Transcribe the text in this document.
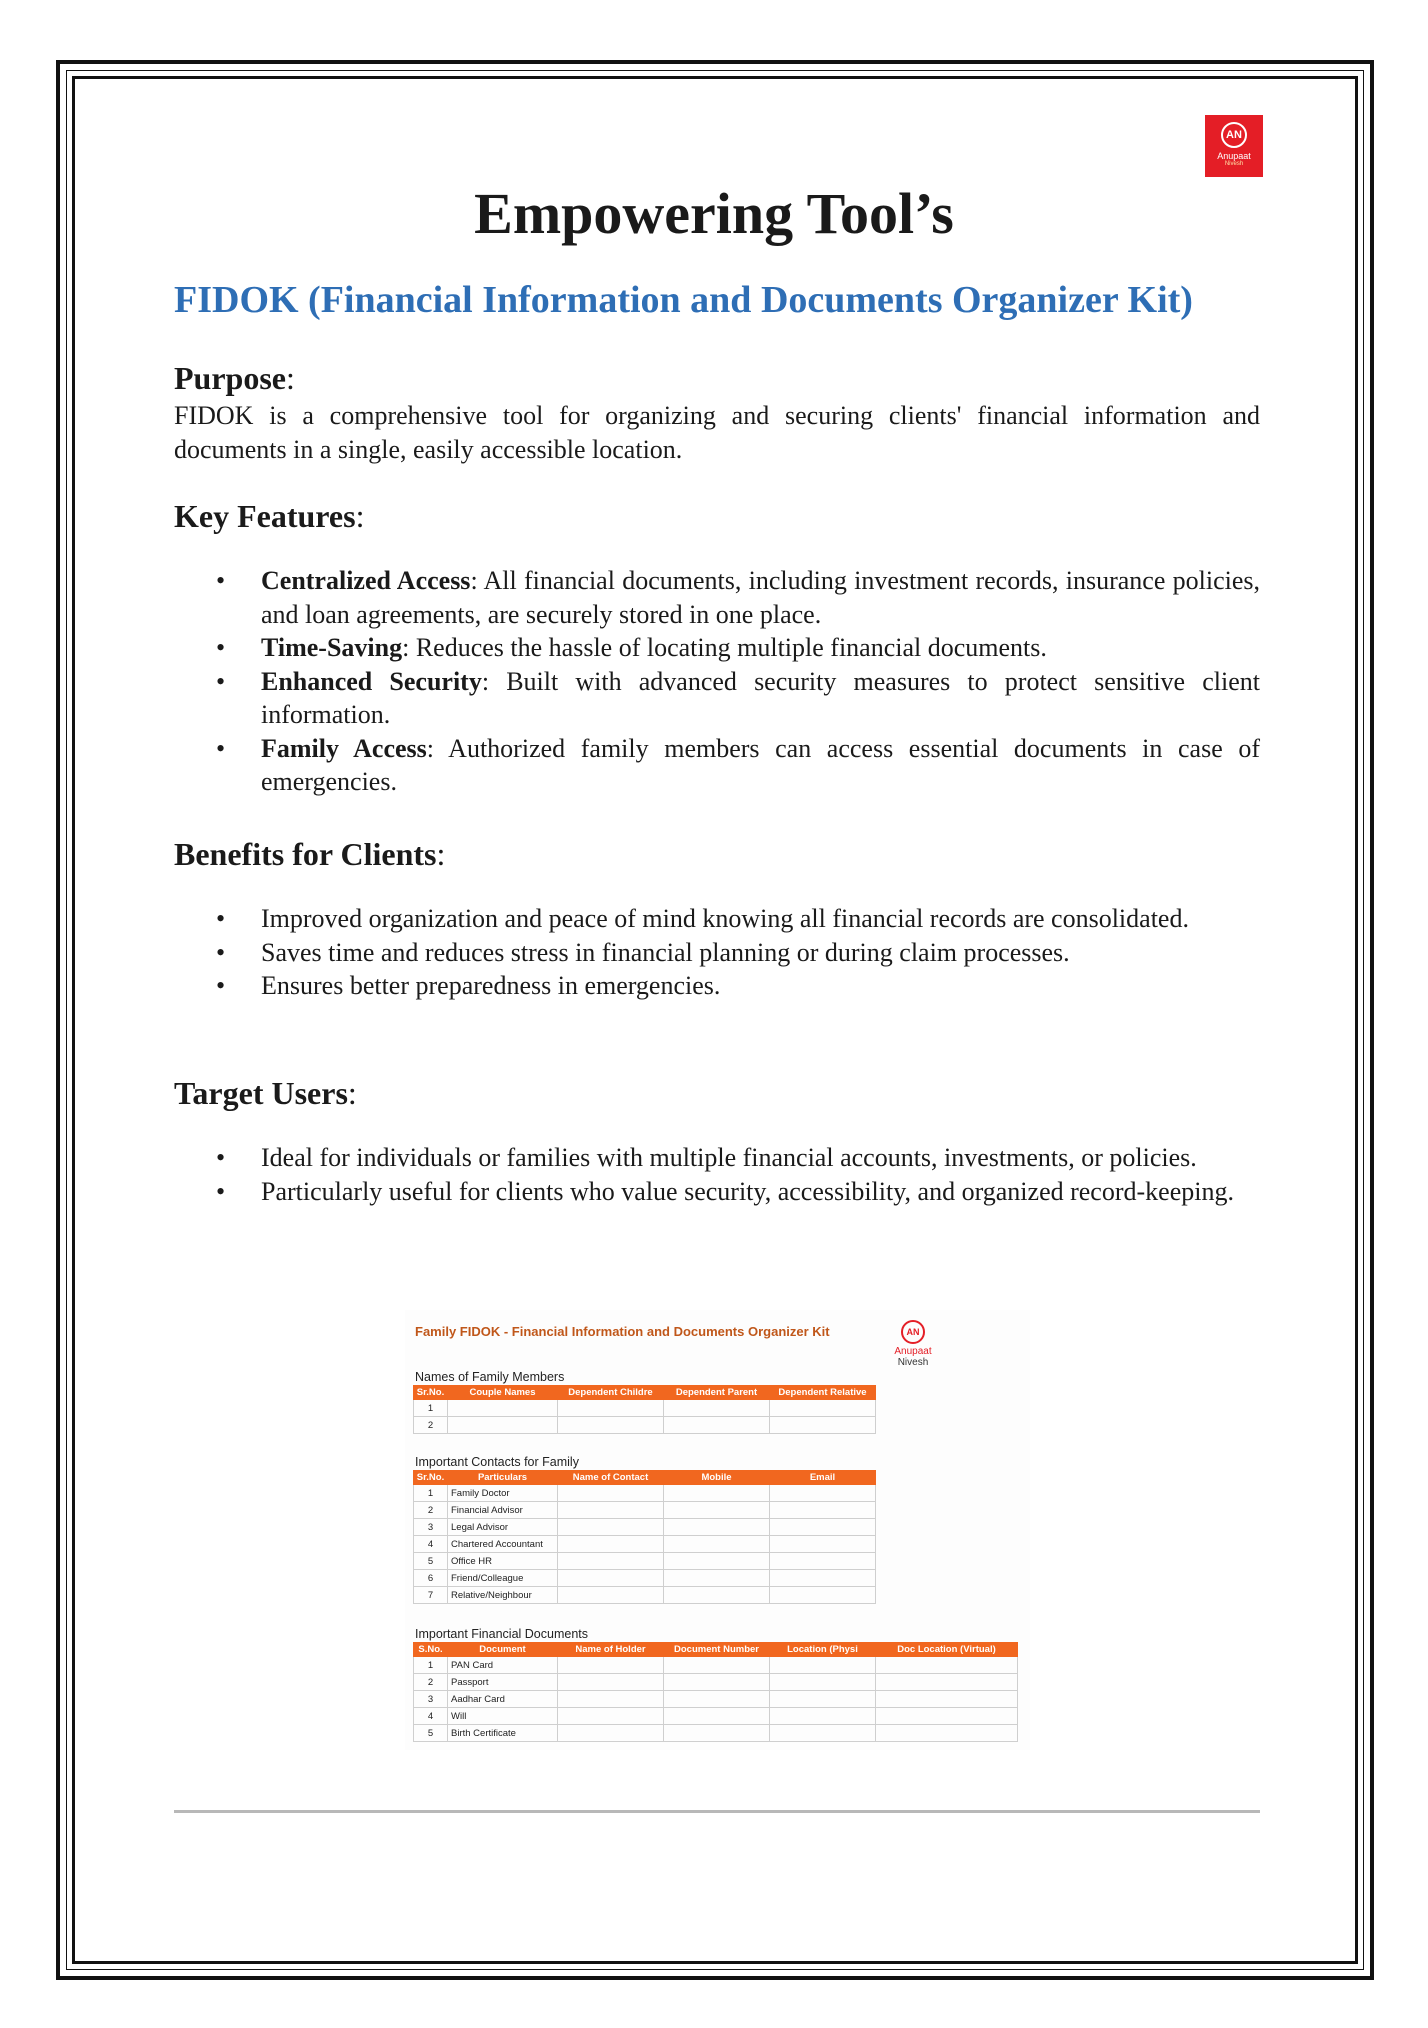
AN
Anupaat
Nivesh
Empowering Tool’s
FIDOK (Financial Information and Documents Organizer Kit)

Purpose:

FIDOK is a comprehensive tool for organizing and securing clients' financial information and documents in a single, easily accessible location.

Key Features:

• Centralized Access: All financial documents, including investment records, insurance policies, and loan agreements, are securely stored in one place.
• Time-Saving: Reduces the hassle of locating multiple financial documents.
• Enhanced Security: Built with advanced security measures to protect sensitive client information.
• Family Access: Authorized family members can access essential documents in case of emergencies.

Benefits for Clients:

• Improved organization and peace of mind knowing all financial records are consolidated.
• Saves time and reduces stress in financial planning or during claim processes.
• Ensures better preparedness in emergencies.

Target Users:

• Ideal for individuals or families with multiple financial accounts, investments, or policies.
• Particularly useful for clients who value security, accessibility, and organized record-keeping.
Family FIDOK - Financial Information and Documents Organizer Kit	AN
Anupaat
Nivesh
Names of Family Members
Sr.No.	Couple Names	Dependent Childre	Dependent Parent	Dependent Relative
1				
2				
Important Contacts for Family
Sr.No.	Particulars	Name of Contact	Mobile	Email
1	Family Doctor			
2	Financial Advisor			
3	Legal Advisor			
4	Chartered Accountant			
5	Office HR			
6	Friend/Colleague			
7	Relative/Neighbour			
Important Financial Documents
S.No.	Document	Name of Holder	Document Number	Location (Physi	Doc Location (Virtual)
1	PAN Card				
2	Passport				
3	Aadhar Card				
4	Will				
5	Birth Certificate				
